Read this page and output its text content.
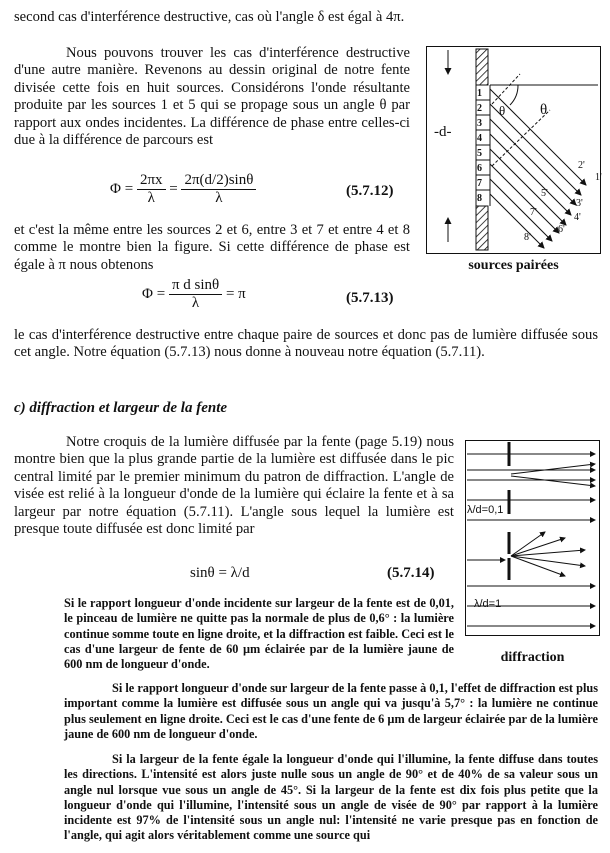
second cas d'interférence destructive, cas où l'angle δ est égal à 4π.

Nous pouvons trouver les cas d'interférence destructive d'une autre manière. Revenons au dessin original de notre fente divisée cette fois en huit sources. Considérons l'onde résultante produite par les sources 1 et 5 qui se propage sous un angle θ par rapport aux ondes incidentes. La différence de phase entre celles-ci due à la différence de parcours est

$\Phi = \frac{2\pi x}{\lambda} = \frac{2\pi(d/2)\sin\theta}{\lambda}$	(5.7.12)

et c'est la même entre les sources 2 et 6, entre 3 et 7 et entre 4 et 8 comme le montre bien la figure. Si cette différence de phase est égale à π nous obtenons

$\Phi = \frac{\text{π d sinθ}}{\lambda} = \pi$	(5.7.13)

le cas d'interférence destructive entre chaque paire de sources et donc pas de lumière diffusée sous cet angle. Notre équation (5.7.13) nous donne à nouveau notre équation (5.7.11).

c) diffraction et largeur de la fente

Notre croquis de la lumière diffusée par la fente (page 5.19) nous montre bien que la plus grande partie de la lumière est diffusée dans le pic central limité par le premier minimum du patron de diffraction. L'angle de visée est relié à la longueur d'onde de la lumière qui éclaire la fente et à sa largeur par notre équation (5.7.11). L'angle sous lequel la lumière est presque toute diffusée est donc limité par

sinθ = λ/d	(5.7.14)

Si le rapport longueur d'onde incidente sur largeur de la fente est de 0,01, le pinceau de lumière ne quitte pas la normale de plus de 0,6° : la lumière continue somme toute en ligne droite, et la diffraction est faible. Ceci est le cas d'une largeur de fente de 60 µm éclairée par de la lumière jaune de 600 nm de longueur d'onde.

Si le rapport longueur d'onde sur largeur de la fente passe à 0,1, l'effet de diffraction est plus important comme la lumière est diffusée sous un angle qui va jusqu'à 5,7° : la lumière ne continue plus seulement en ligne droite. Ceci est le cas d'une fente de 6 µm de largeur éclairée par de la lumière jaune de 600 nm de longueur d'onde.

Si la largeur de la fente égale la longueur d'onde qui l'illumine, la fente diffuse dans toutes les directions. L'intensité est alors juste nulle sous un angle de 90° et de 40% de sa valeur sous un angle nul lorsque vue sous un angle de 45°. Si la largeur de la fente est dix fois plus petite que la longueur d'onde qui l'illumine, l'intensité sous un angle de visée de 90° par rapport à la lumière incidente est 97% de l'intensité sous un angle nul: l'intensité ne varie presque pas en fonction de l'angle, qui agit alors véritablement comme une source qui

-d-
1
2
3
4
5
6
7
8
θ θ
1'
2'
3'
4'
5'
6'
7'
8'
sources pairées
λ/d=0,1
λ/d=1
diffraction
